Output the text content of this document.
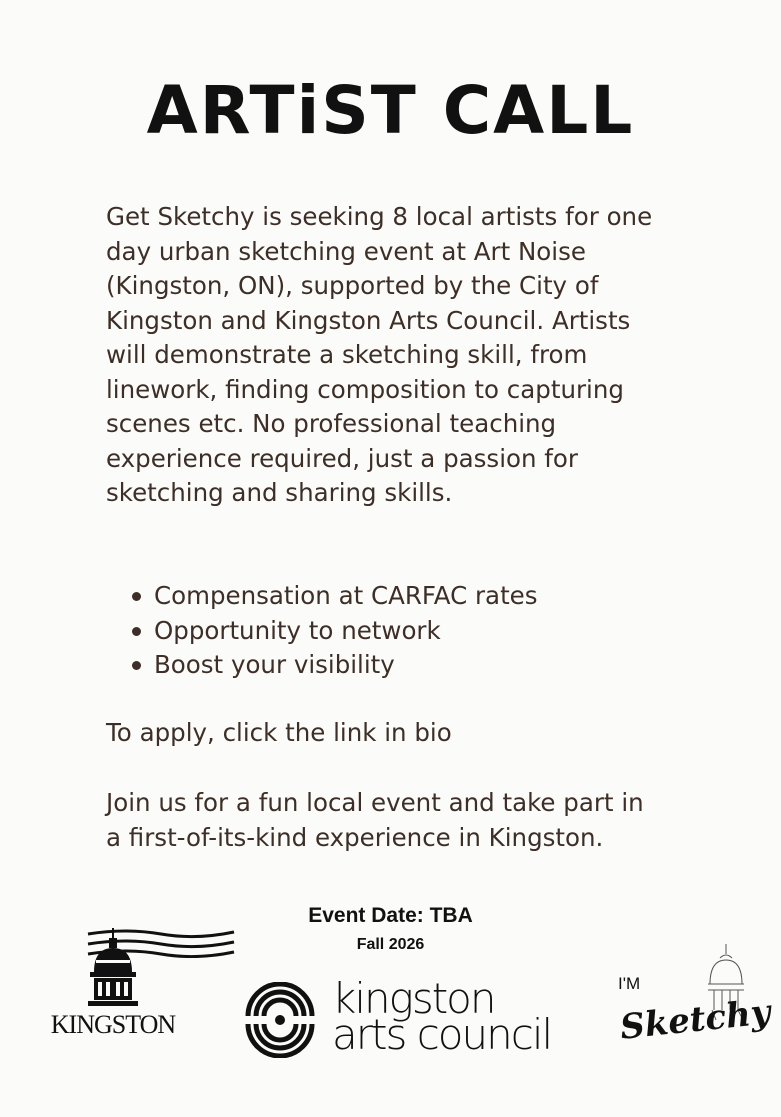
ARTiST CALL

Get Sketchy is seeking 8 local artists for one day urban sketching event at Art Noise (Kingston, ON), supported by the City of Kingston and Kingston Arts Council. Artists will demonstrate a sketching skill, from linework, finding composition to capturing scenes etc. No professional teaching experience required, just a passion for sketching and sharing skills.

Compensation at CARFAC rates
Opportunity to network
Boost your visibility

To apply, click the link in bio

Join us for a fun local event and take part in a first-of-its-kind experience in Kingston.

Event Date: TBA
Fall 2026
KINGSTON
kingston
arts council
I'M
Sketchy
